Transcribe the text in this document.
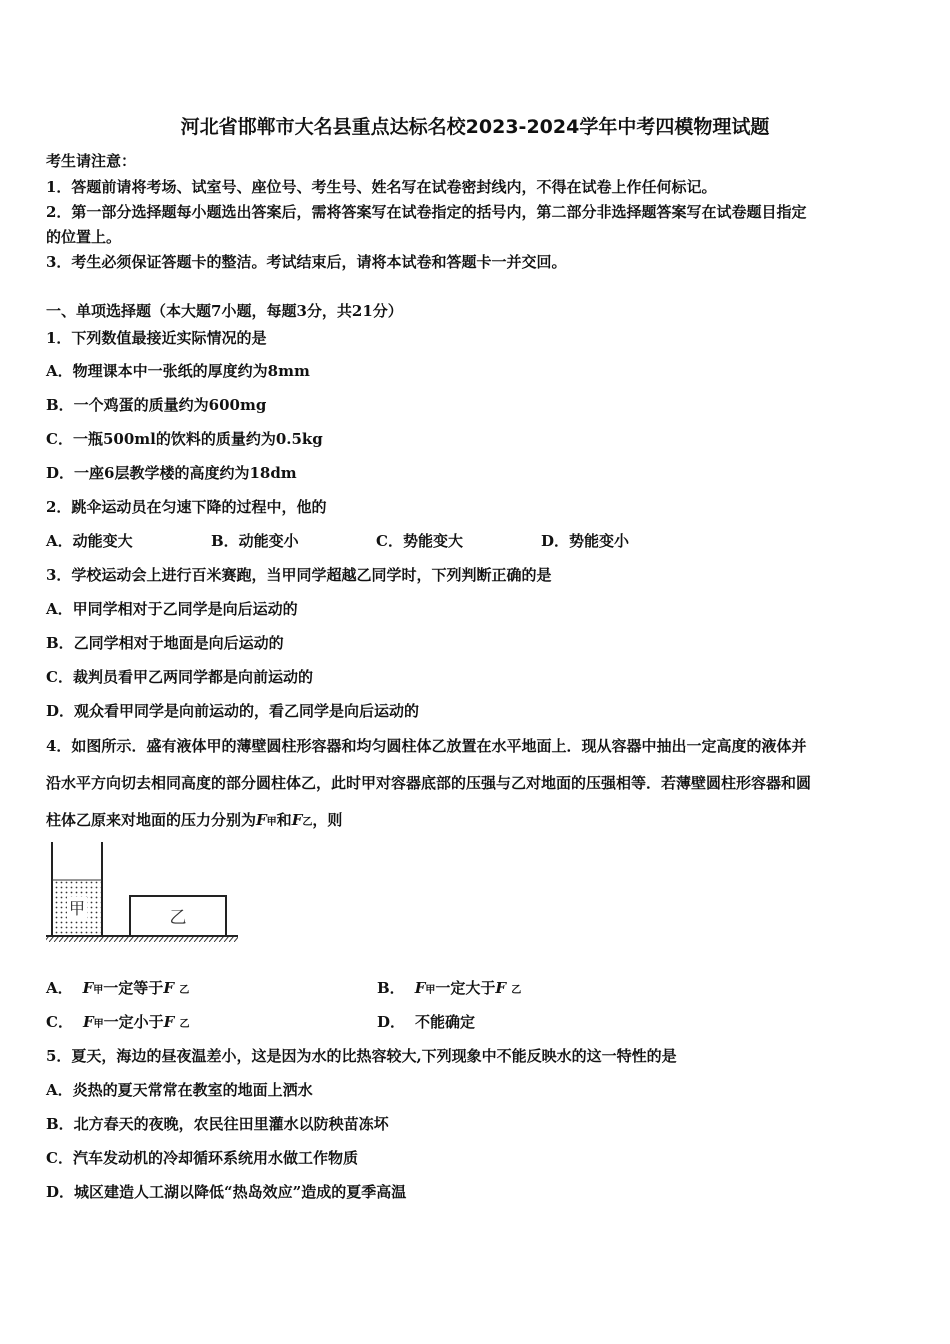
河北省邯郸市大名县重点达标名校2023-2024学年中考四模物理试题
考生请注意：
1．答题前请将考场、试室号、座位号、考生号、姓名写在试卷密封线内，不得在试卷上作任何标记。
2．第一部分选择题每小题选出答案后，需将答案写在试卷指定的括号内，第二部分非选择题答案写在试卷题目指定
的位置上。
3．考生必须保证答题卡的整洁。考试结束后，请将本试卷和答题卡一并交回。
一、单项选择题（本大题7小题，每题3分，共21分）
1．下列数值最接近实际情况的是
A．物理课本中一张纸的厚度约为8mm
B．一个鸡蛋的质量约为600mg
C．一瓶500ml的饮料的质量约为0.5kg
D．一座6层教学楼的高度约为18dm
2．跳伞运动员在匀速下降的过程中，他的
A．动能变大	B．动能变小	C．势能变大	D．势能变小
3．学校运动会上进行百米赛跑，当甲同学超越乙同学时，下列判断正确的是
A．甲同学相对于乙同学是向后运动的
B．乙同学相对于地面是向后运动的
C．裁判员看甲乙两同学都是向前运动的
D．观众看甲同学是向前运动的，看乙同学是向后运动的
4．如图所示．盛有液体甲的薄壁圆柱形容器和均匀圆柱体乙放置在水平地面上．现从容器中抽出一定高度的液体并
沿水平方向切去相同高度的部分圆柱体乙，此时甲对容器底部的压强与乙对地面的压强相等．若薄壁圆柱形容器和圆
柱体乙原来对地面的压力分别为F甲和F乙，则
甲	乙
A． F甲一定等于F 乙	B． F甲一定大于F 乙
C． F甲一定小于F 乙	D． 不能确定
5．夏天，海边的昼夜温差小，这是因为水的比热容较大,下列现象中不能反映水的这一特性的是
A．炎热的夏天常常在教室的地面上洒水
B．北方春天的夜晚，农民往田里灌水以防秧苗冻坏
C．汽车发动机的冷却循环系统用水做工作物质
D．城区建造人工湖以降低“热岛效应”造成的夏季高温
